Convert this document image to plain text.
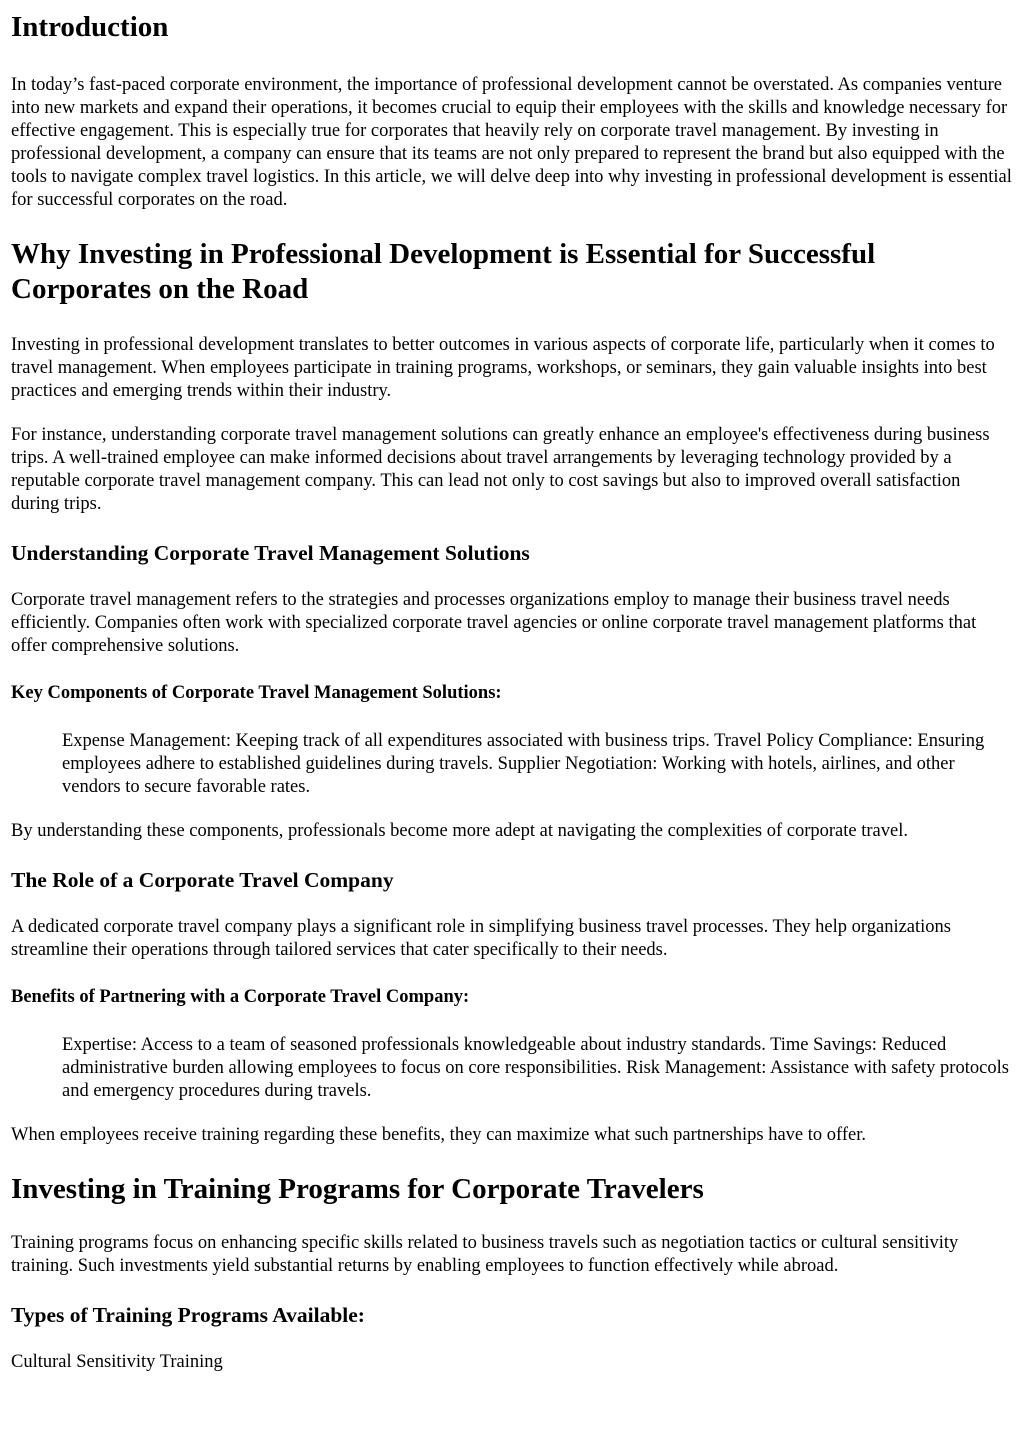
Introduction

In today’s fast-paced corporate environment, the importance of professional development cannot be overstated. As companies venture into new markets and expand their operations, it becomes crucial to equip their employees with the skills and knowledge necessary for effective engagement. This is especially true for corporates that heavily rely on corporate travel management. By investing in professional development, a company can ensure that its teams are not only prepared to represent the brand but also equipped with the tools to navigate complex travel logistics. In this article, we will delve deep into why investing in professional development is essential for successful corporates on the road.

Why Investing in Professional Development is Essential for Successful Corporates on the Road

Investing in professional development translates to better outcomes in various aspects of corporate life, particularly when it comes to travel management. When employees participate in training programs, workshops, or seminars, they gain valuable insights into best practices and emerging trends within their industry.

For instance, understanding corporate travel management solutions can greatly enhance an employee's effectiveness during business trips. A well-trained employee can make informed decisions about travel arrangements by leveraging technology provided by a reputable corporate travel management company. This can lead not only to cost savings but also to improved overall satisfaction during trips.

Understanding Corporate Travel Management Solutions

Corporate travel management refers to the strategies and processes organizations employ to manage their business travel needs efficiently. Companies often work with specialized corporate travel agencies or online corporate travel management platforms that offer comprehensive solutions.

Key Components of Corporate Travel Management Solutions:
Expense Management: Keeping track of all expenditures associated with business trips. Travel Policy Compliance: Ensuring employees adhere to established guidelines during travels. Supplier Negotiation: Working with hotels, airlines, and other vendors to secure favorable rates.

By understanding these components, professionals become more adept at navigating the complexities of corporate travel.

The Role of a Corporate Travel Company

A dedicated corporate travel company plays a significant role in simplifying business travel processes. They help organizations streamline their operations through tailored services that cater specifically to their needs.

Benefits of Partnering with a Corporate Travel Company:
Expertise: Access to a team of seasoned professionals knowledgeable about industry standards. Time Savings: Reduced administrative burden allowing employees to focus on core responsibilities. Risk Management: Assistance with safety protocols and emergency procedures during travels.

When employees receive training regarding these benefits, they can maximize what such partnerships have to offer.

Investing in Training Programs for Corporate Travelers

Training programs focus on enhancing specific skills related to business travels such as negotiation tactics or cultural sensitivity training. Such investments yield substantial returns by enabling employees to function effectively while abroad.

Types of Training Programs Available:

Cultural Sensitivity Training
